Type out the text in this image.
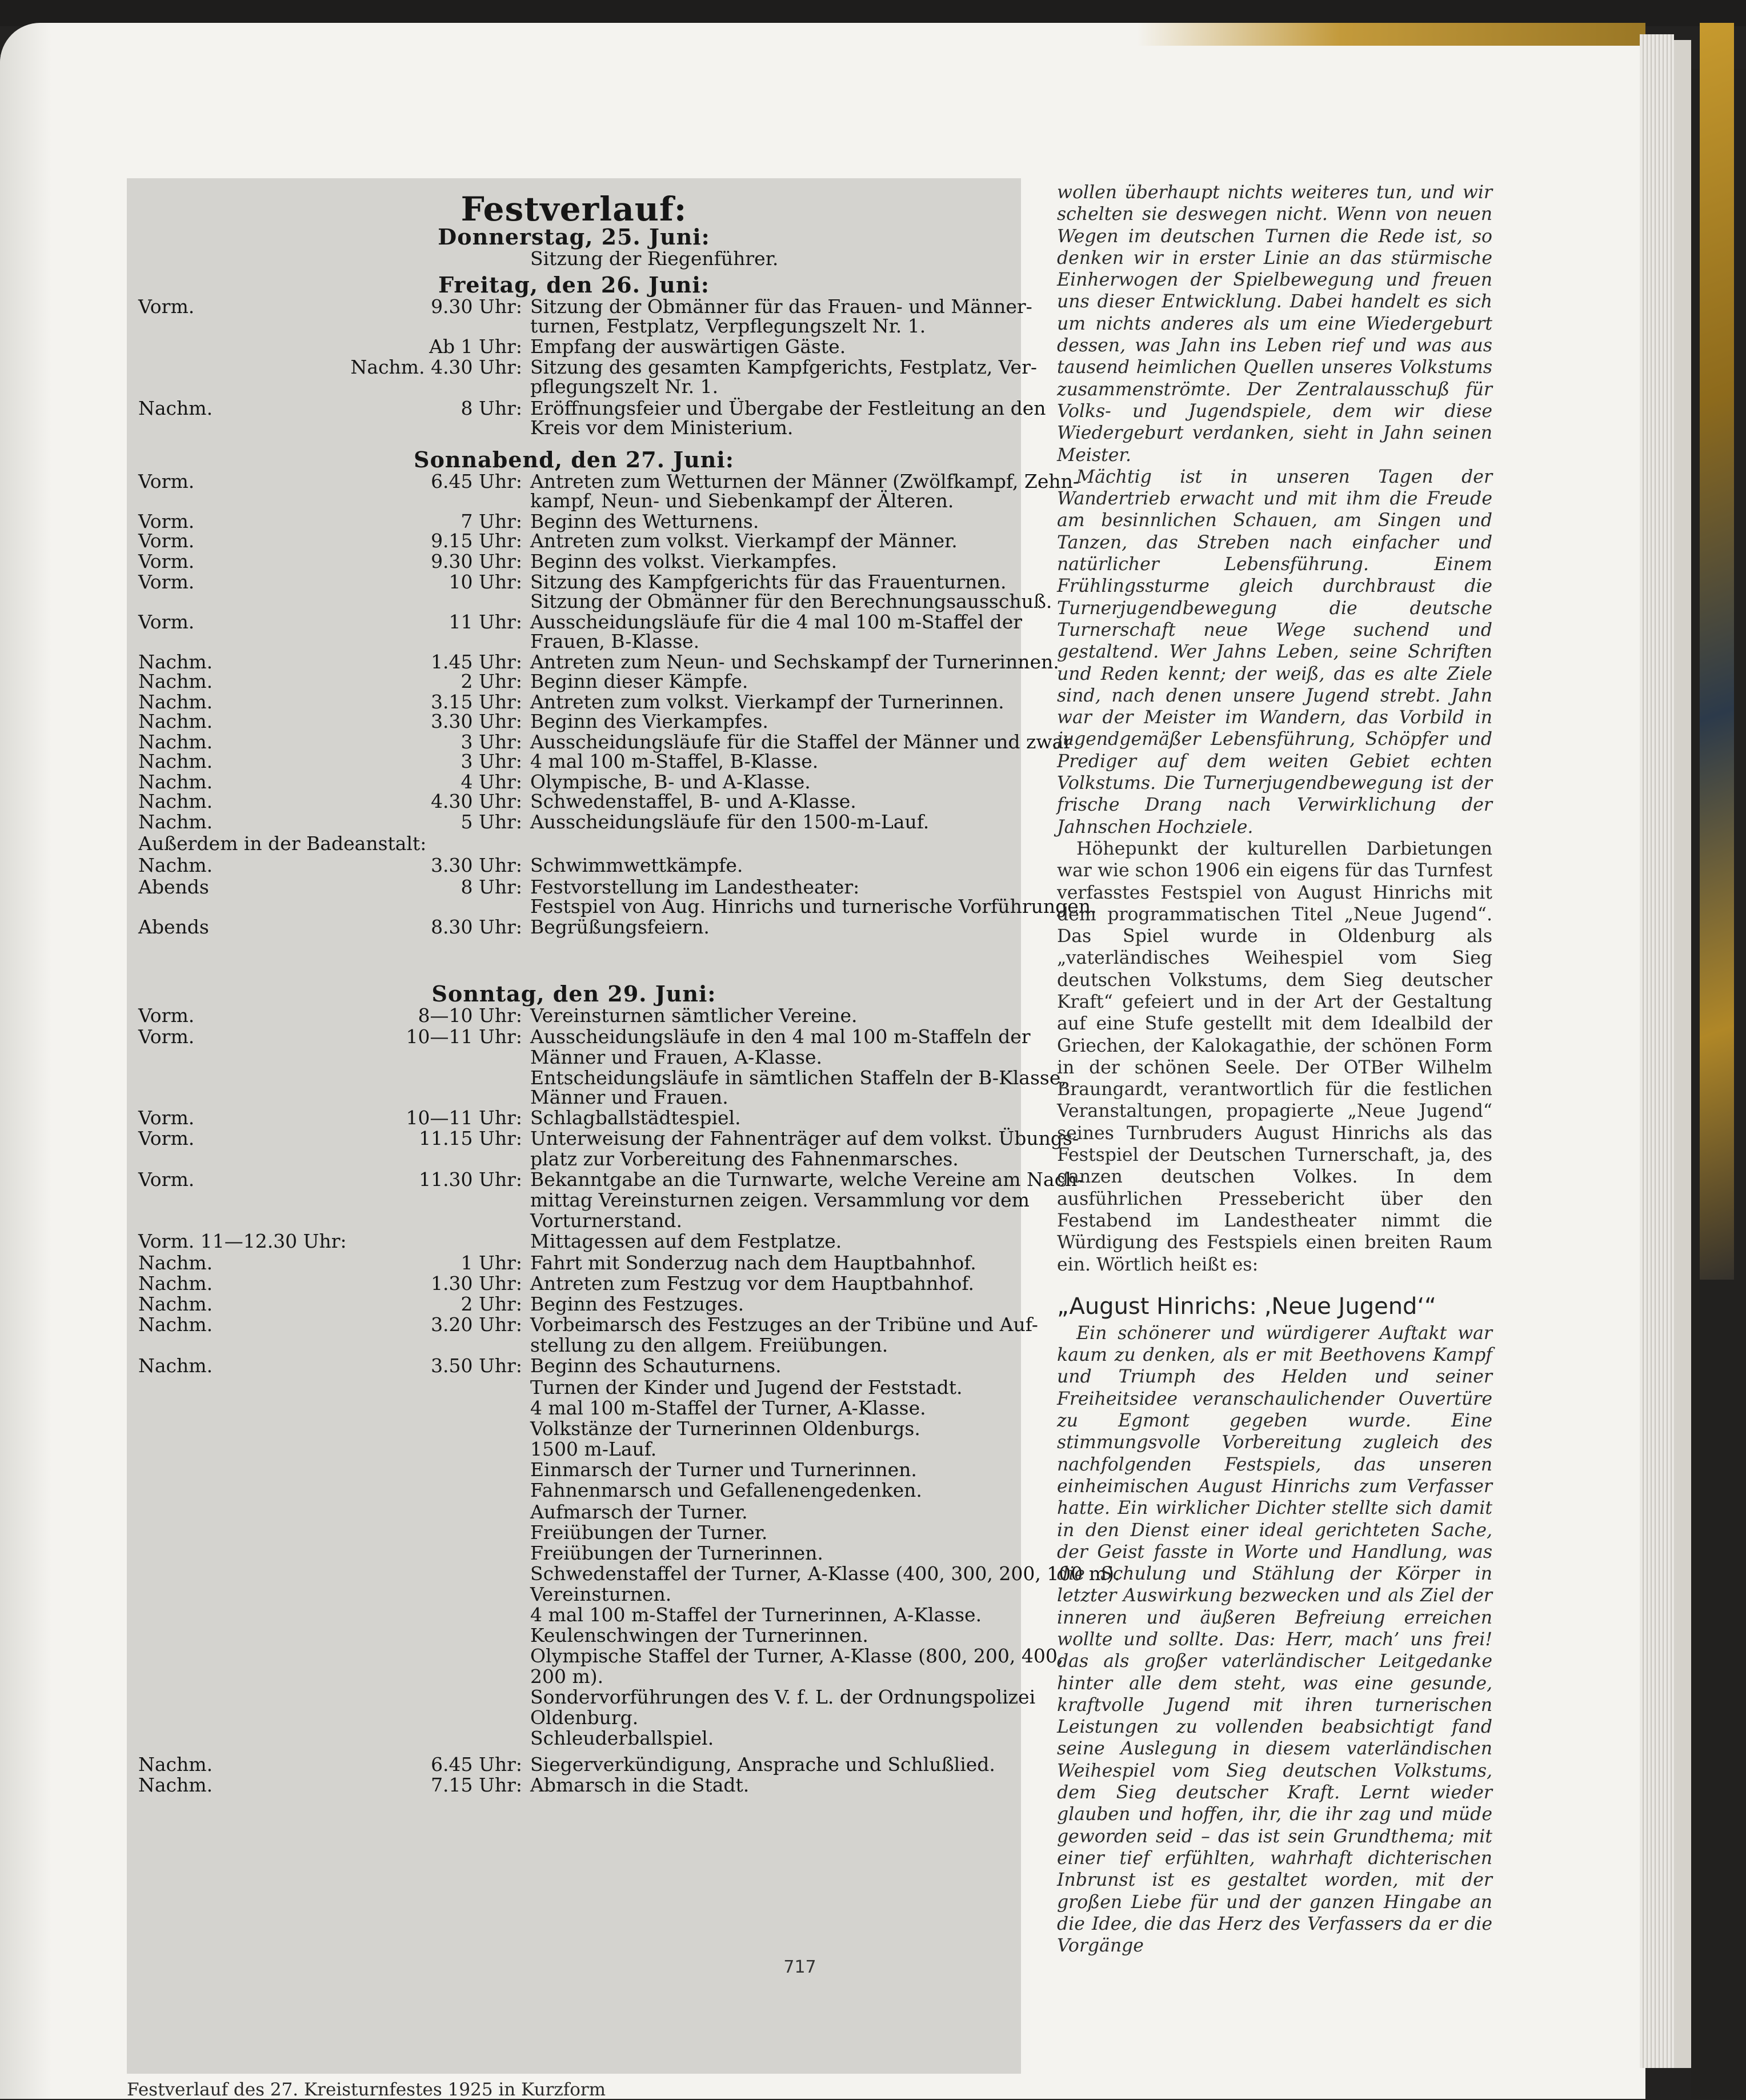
Festverlauf:
Donnerstag, 25. Juni:
Freitag, den 26. Juni:
Sonnabend, den 27. Juni:
Sonntag, den 29. Juni:
Sitzung der Riegenführer.
Vorm.	9.30 Uhr: Sitzung der Obmänner für das Frauen- und Männer-
turnen, Festplatz, Verpflegungszelt Nr. 1.
Ab 1 Uhr: Empfang der auswärtigen Gäste.
Nachm. 4.30 Uhr: Sitzung des gesamten Kampfgerichts, Festplatz, Ver-
pflegungszelt Nr. 1.
Nachm.	8 Uhr: Eröffnungsfeier und Übergabe der Festleitung an den
Kreis vor dem Ministerium.
Vorm.	6.45 Uhr: Antreten zum Wetturnen der Männer (Zwölfkampf, Zehn-
kampf, Neun- und Siebenkampf der Älteren.
Vorm.	7 Uhr: Beginn des Wetturnens.
Vorm.	9.15 Uhr: Antreten zum volkst. Vierkampf der Männer.
Vorm.	9.30 Uhr: Beginn des volkst. Vierkampfes.
Vorm.	10 Uhr: Sitzung des Kampfgerichts für das Frauenturnen.
Sitzung der Obmänner für den Berechnungsausschuß.
Vorm.	11 Uhr: Ausscheidungsläufe für die 4 mal 100 m-Staffel der
Frauen, B-Klasse.
Nachm.	1.45 Uhr: Antreten zum Neun- und Sechskampf der Turnerinnen.
Nachm.	2 Uhr: Beginn dieser Kämpfe.
Nachm.	3.15 Uhr: Antreten zum volkst. Vierkampf der Turnerinnen.
Nachm.	3.30 Uhr: Beginn des Vierkampfes.
Nachm.	3 Uhr: Ausscheidungsläufe für die Staffel der Männer und zwar
Nachm.	3 Uhr: 4 mal 100 m-Staffel, B-Klasse.
Nachm.	4 Uhr: Olympische, B- und A-Klasse.
Nachm.	4.30 Uhr: Schwedenstaffel, B- und A-Klasse.
Nachm.	5 Uhr: Ausscheidungsläufe für den 1500-m-Lauf.
Außerdem in der Badeanstalt:
Nachm.	3.30 Uhr: Schwimmwettkämpfe.
Abends	8 Uhr: Festvorstellung im Landestheater:
Festspiel von Aug. Hinrichs und turnerische Vorführungen.
Abends	8.30 Uhr: Begrüßungsfeiern.
Vorm.	8—10 Uhr: Vereinsturnen sämtlicher Vereine.
Vorm.	10—11 Uhr: Ausscheidungsläufe in den 4 mal 100 m-Staffeln der
Männer und Frauen, A-Klasse.
Entscheidungsläufe in sämtlichen Staffeln der B-Klasse,
Männer und Frauen.
Vorm.	10—11 Uhr: Schlagballstädtespiel.
Vorm.	11.15 Uhr: Unterweisung der Fahnenträger auf dem volkst. Übungs-
platz zur Vorbereitung des Fahnenmarsches.
Vorm.	11.30 Uhr: Bekanntgabe an die Turnwarte, welche Vereine am Nach-
mittag Vereinsturnen zeigen. Versammlung vor dem
Vorturnerstand.
Vorm. 11—12.30 Uhr:	Mittagessen auf dem Festplatze.
Nachm.	1 Uhr: Fahrt mit Sonderzug nach dem Hauptbahnhof.
Nachm.	1.30 Uhr: Antreten zum Festzug vor dem Hauptbahnhof.
Nachm.	2 Uhr: Beginn des Festzuges.
Nachm.	3.20 Uhr: Vorbeimarsch des Festzuges an der Tribüne und Auf-
stellung zu den allgem. Freiübungen.
Nachm.	3.50 Uhr: Beginn des Schauturnens.
Turnen der Kinder und Jugend der Feststadt.
4 mal 100 m-Staffel der Turner, A-Klasse.
Volkstänze der Turnerinnen Oldenburgs.
1500 m-Lauf.
Einmarsch der Turner und Turnerinnen.
Fahnenmarsch und Gefallenengedenken.
Aufmarsch der Turner.
Freiübungen der Turner.
Freiübungen der Turnerinnen.
Schwedenstaffel der Turner, A-Klasse (400, 300, 200, 100 m).
Vereinsturnen.
4 mal 100 m-Staffel der Turnerinnen, A-Klasse.
Keulenschwingen der Turnerinnen.
Olympische Staffel der Turner, A-Klasse (800, 200, 400,
200 m).
Sondervorführungen des V. f. L. der Ordnungspolizei
Oldenburg.
Schleuderballspiel.
Nachm.	6.45 Uhr: Siegerverkündigung, Ansprache und Schlußlied.
Nachm.	7.15 Uhr: Abmarsch in die Stadt.

wollen überhaupt nichts weiteres tun, und wir schelten sie deswegen nicht. Wenn von neuen Wegen im deutschen Turnen die Rede ist, so denken wir in erster Linie an das stürmische Einherwogen der Spielbewegung und freuen uns dieser Entwicklung. Dabei handelt es sich um nichts anderes als um eine Wiedergeburt dessen, was Jahn ins Leben rief und was aus tausend heimlichen Quellen unseres Volkstums zusammenströmte. Der Zentralausschuß für Volks- und Jugendspiele, dem wir diese Wiedergeburt verdanken, sieht in Jahn seinen Meister.

Mächtig ist in unseren Tagen der Wandertrieb erwacht und mit ihm die Freude am besinnlichen Schauen, am Singen und Tanzen, das Streben nach einfacher und natürlicher Lebensführung. Einem Frühlingssturme gleich durchbraust die Turnerjugendbewegung die deutsche Turnerschaft neue Wege suchend und gestaltend. Wer Jahns Leben, seine Schriften und Reden kennt; der weiß, das es alte Ziele sind, nach denen unsere Jugend strebt. Jahn war der Meister im Wandern, das Vorbild in jugendgemäßer Lebensführung, Schöpfer und Prediger auf dem weiten Gebiet echten Volkstums. Die Turnerjugendbewegung ist der frische Drang nach Verwirklichung der Jahnschen Hochziele.

Höhepunkt der kulturellen Darbietungen war wie schon 1906 ein eigens für das Turnfest verfasstes Festspiel von August Hinrichs mit dem programmatischen Titel „Neue Jugend“. Das Spiel wurde in Oldenburg als „vaterländisches Weihespiel vom Sieg deutschen Volkstums, dem Sieg deutscher Kraft“ gefeiert und in der Art der Gestaltung auf eine Stufe gestellt mit dem Idealbild der Griechen, der Kalokagathie, der schönen Form in der schönen Seele. Der OTBer Wilhelm Braungardt, verantwortlich für die festlichen Veranstaltungen, propagierte „Neue Jugend“ seines Turnbruders August Hinrichs als das Festspiel der Deutschen Turnerschaft, ja, des ganzen deutschen Volkes. In dem ausführlichen Pressebericht über den Festabend im Landestheater nimmt die Würdigung des Festspiels einen breiten Raum ein. Wörtlich heißt es:

„August Hinrichs: ‚Neue Jugend‘“

Ein schönerer und würdigerer Auftakt war kaum zu denken, als er mit Beethovens Kampf und Triumph des Helden und seiner Freiheitsidee veranschaulichender Ouvertüre zu Egmont gegeben wurde. Eine stimmungsvolle Vorbereitung zugleich des nachfolgenden Festspiels, das unseren einheimischen August Hinrichs zum Verfasser hatte. Ein wirklicher Dichter stellte sich damit in den Dienst einer ideal gerichteten Sache, der Geist fasste in Worte und Handlung, was die Schulung und Stählung der Körper in letzter Auswirkung bezwecken und als Ziel der inneren und äußeren Befreiung erreichen wollte und sollte. Das: Herr, mach’ uns frei! das als großer vaterländischer Leitgedanke hinter alle dem steht, was eine gesunde, kraftvolle Jugend mit ihren turnerischen Leistungen zu vollenden beabsichtigt fand seine Auslegung in diesem vaterländischen Weihespiel vom Sieg deutschen Volkstums, dem Sieg deutscher Kraft. Lernt wieder glauben und hoffen, ihr, die ihr zag und müde geworden seid – das ist sein Grundthema; mit einer tief erfühlten, wahrhaft dichterischen Inbrunst ist es gestaltet worden, mit der großen Liebe für und der ganzen Hingabe an die Idee, die das Herz des Verfassers da er die Vorgänge

717
Festverlauf des 27. Kreisturnfestes 1925 in Kurzform
